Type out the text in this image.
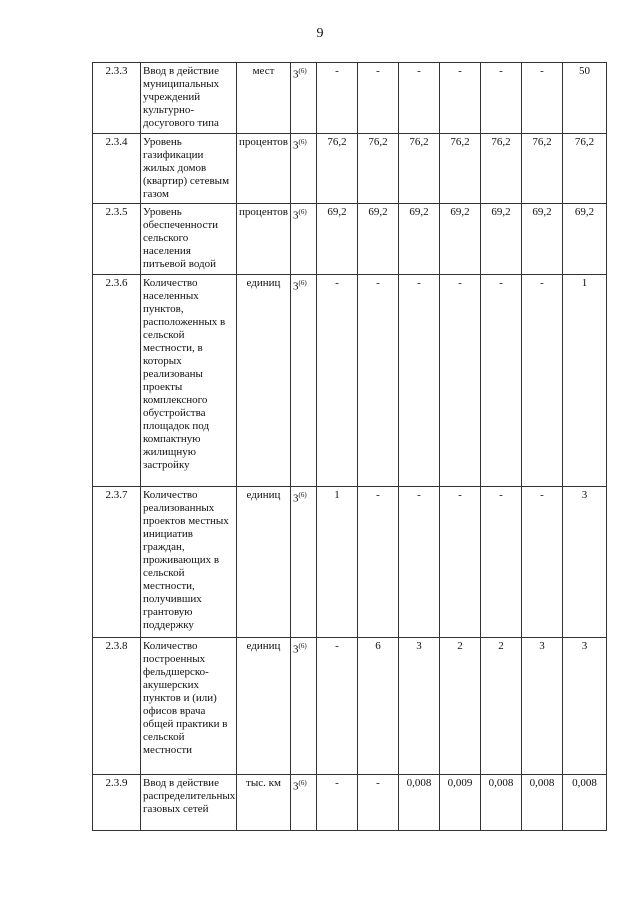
9
2.3.3	Ввод в действие муниципальных учреждений культурно-досугового типа	мест	3$^{(6)}$	-	-	-	-	-	-	50
2.3.4	Уровень газификации жилых домов (квартир) сетевым газом	процентов	3$^{(6)}$	76,2	76,2	76,2	76,2	76,2	76,2	76,2
2.3.5	Уровень обеспеченности сельского населения питьевой водой	процентов	3$^{(6)}$	69,2	69,2	69,2	69,2	69,2	69,2	69,2
2.3.6	Количество населенных пунктов, расположенных в сельской местности, в которых реализованы проекты комплексного обустройства площадок под компактную жилищную застройку	единиц	3$^{(6)}$	-	-	-	-	-	-	1
2.3.7	Количество реализованных проектов местных инициатив граждан, проживающих в сельской местности, получивших грантовую поддержку	единиц	3$^{(6)}$	1	-	-	-	-	-	3
2.3.8	Количество построенных фельдшерско-акушерских пунктов и (или) офисов врача общей практики в сельской местности	единиц	3$^{(6)}$	-	6	3	2	2	3	3
2.3.9	Ввод в действие распределительных газовых сетей	тыс. км	3$^{(6)}$	-	-	0,008	0,009	0,008	0,008	0,008
